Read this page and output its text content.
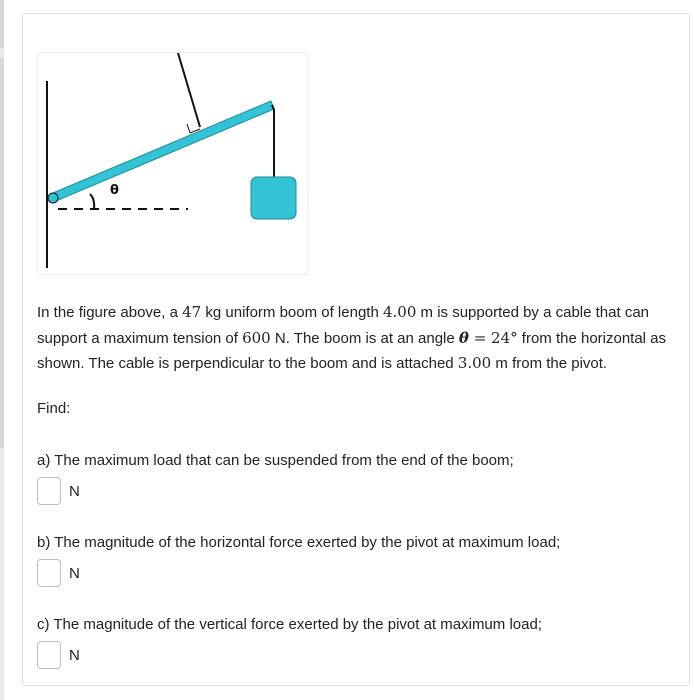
θ
In the figure above, a 47 kg uniform boom of length 4.00 m is supported by a cable that can support a maximum tension of 600 N. The boom is at an angle θ = 24° from the horizontal as shown. The cable is perpendicular to the boom and is attached 3.00 m from the pivot.
Find:
a) The maximum load that can be suspended from the end of the boom;
N
b) The magnitude of the horizontal force exerted by the pivot at maximum load;
N
c) The magnitude of the vertical force exerted by the pivot at maximum load;
N
